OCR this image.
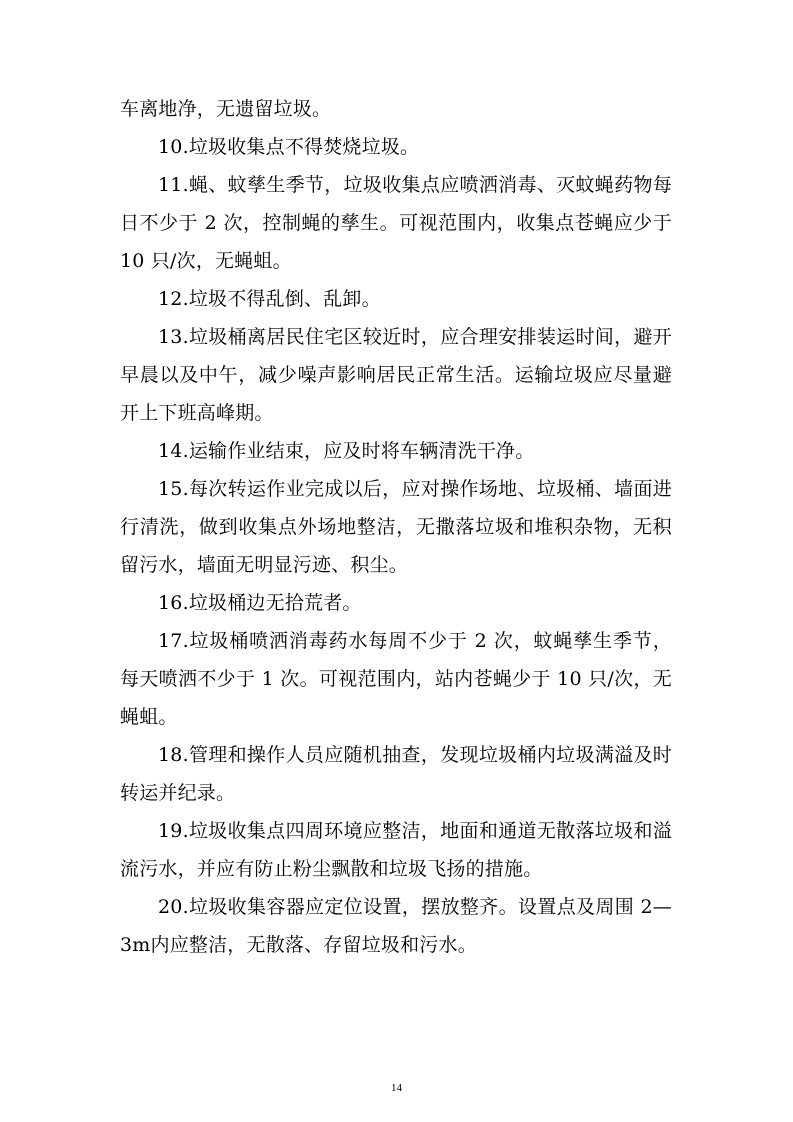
车离地净，无遗留垃圾。

10.垃圾收集点不得焚烧垃圾。

11.蝇、蚊孳生季节，垃圾收集点应喷洒消毒、灭蚊蝇药物每日不少于 2 次，控制蝇的孳生。可视范围内，收集点苍蝇应少于 10 只/次，无蝇蛆。

12.垃圾不得乱倒、乱卸。

13.垃圾桶离居民住宅区较近时，应合理安排装运时间，避开早晨以及中午，减少噪声影响居民正常生活。运输垃圾应尽量避开上下班高峰期。

14.运输作业结束，应及时将车辆清洗干净。

15.每次转运作业完成以后，应对操作场地、垃圾桶、墙面进行清洗，做到收集点外场地整洁，无撒落垃圾和堆积杂物，无积留污水，墙面无明显污迹、积尘。

16.垃圾桶边无拾荒者。

17.垃圾桶喷洒消毒药水每周不少于 2 次，蚊蝇孳生季节，每天喷洒不少于 1 次。可视范围内，站内苍蝇少于 10 只/次，无蝇蛆。

18.管理和操作人员应随机抽查，发现垃圾桶内垃圾满溢及时转运并纪录。

19.垃圾收集点四周环境应整洁，地面和通道无散落垃圾和溢流污水，并应有防止粉尘飘散和垃圾飞扬的措施。

20.垃圾收集容器应定位设置，摆放整齐。设置点及周围 2—3m内应整洁，无散落、存留垃圾和污水。

14
